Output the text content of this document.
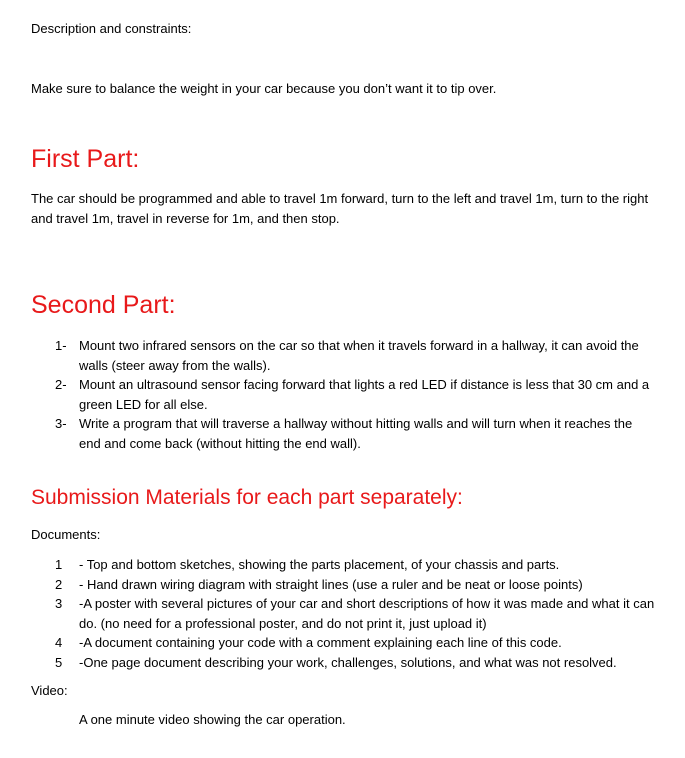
Description and constraints:

Make sure to balance the weight in your car because you don’t want it to tip over.

First Part:

The car should be programmed and able to travel 1m forward, turn to the left and travel 1m, turn to the right and travel 1m, travel in reverse for 1m, and then stop.

Second Part:
1- Mount two infrared sensors on the car so that when it travels forward in a hallway, it can avoid the walls (steer away from the walls).
2- Mount an ultrasound sensor facing forward that lights a red LED if distance is less that 30 cm and a green LED for all else.
3- Write a program that will traverse a hallway without hitting walls and will turn when it reaches the end and come back (without hitting the end wall).
Submission Materials for each part separately:

Documents:

1 - Top and bottom sketches, showing the parts placement, of your chassis and parts.
2 - Hand drawn wiring diagram with straight lines (use a ruler and be neat or loose points)
3 -A poster with several pictures of your car and short descriptions of how it was made and what it can do. (no need for a professional poster, and do not print it, just upload it)
4 -A document containing your code with a comment explaining each line of this code.
5 -One page document describing your work, challenges, solutions, and what was not resolved.

Video:

A one minute video showing the car operation.
